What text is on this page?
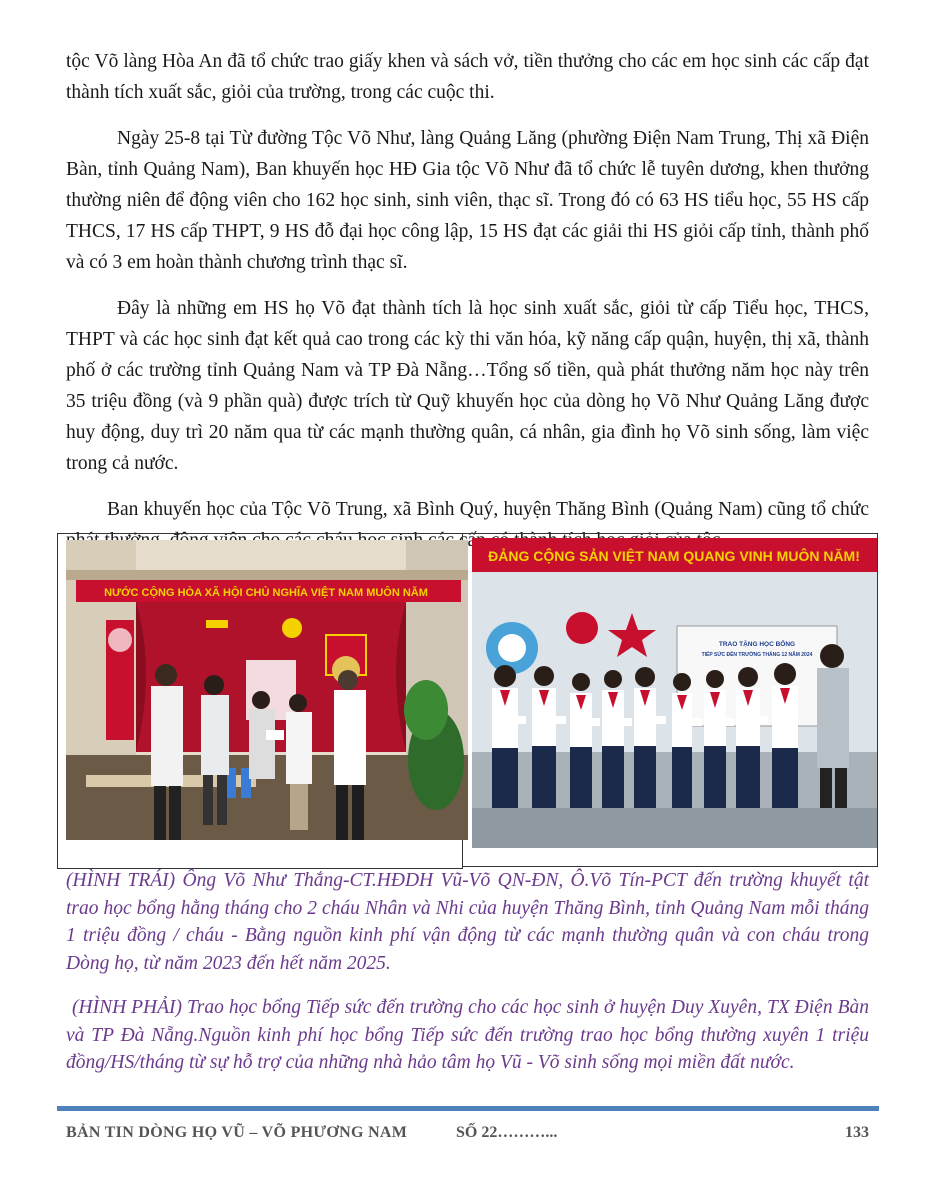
tộc Võ làng Hòa An đã tổ chức trao giấy khen và sách vở, tiền thưởng cho các em học sinh các cấp đạt thành tích xuất sắc, giỏi của trường, trong các cuộc thi.

Ngày 25-8 tại Từ đường Tộc Võ Như, làng Quảng Lăng (phường Điện Nam Trung, Thị xã Điện Bàn, tỉnh Quảng Nam), Ban khuyến học HĐ Gia tộc Võ Như đã tổ chức lễ tuyên dương, khen thưởng thường niên để động viên cho 162 học sinh, sinh viên, thạc sĩ. Trong đó có 63 HS tiểu học, 55 HS cấp THCS, 17 HS cấp THPT, 9 HS đỗ đại học công lập, 15 HS đạt các giải thi HS giỏi cấp tỉnh, thành phố và có 3 em hoàn thành chương trình thạc sĩ.

Đây là những em HS họ Võ đạt thành tích là học sinh xuất sắc, giỏi từ cấp Tiểu học, THCS, THPT và các học sinh đạt kết quả cao trong các kỳ thi văn hóa, kỹ năng cấp quận, huyện, thị xã, thành phố ở các trường tỉnh Quảng Nam và TP Đà Nẵng…Tổng số tiền, quà phát thưởng năm học này trên 35 triệu đồng (và 9 phần quà) được trích từ Quỹ khuyến học của dòng họ Võ Như Quảng Lăng được huy động, duy trì 20 năm qua từ các mạnh thường quân, cá nhân, gia đình họ Võ sinh sống, làm việc trong cả nước.

Ban khuyến học của Tộc Võ Trung, xã Bình Quý, huyện Thăng Bình (Quảng Nam) cũng tổ chức

NƯỚC CỘNG HÒA XÃ HỘI CHỦ NGHĨA VIỆT NAM MUÔN NĂM
ĐẢNG CỘNG SẢN VIỆT NAM QUANG VINH MUÔN NĂM!
TRAO TẶNG HỌC BỔNG
TIẾP SỨC ĐẾN TRƯỜNG THÁNG 12 NĂM 2024
(HÌNH TRÁI) Ông Võ Như Thắng-CT.HĐDH Vũ-Võ QN-ĐN, Ô.Võ Tín-PCT đến trường khuyết tật trao học bổng hằng tháng cho 2 cháu Nhân và Nhi của huyện Thăng Bình, tỉnh Quảng Nam mỗi tháng 1 triệu đồng / cháu - Bằng nguồn kinh phí vận động từ các mạnh thường quân và con cháu trong Dòng họ, từ năm 2023 đến hết năm 2025.
(HÌNH PHẢI) Trao học bổng Tiếp sức đến trường cho các học sinh ở huyện Duy Xuyên, TX Điện Bàn và TP Đà Nẵng.Nguồn kinh phí học bổng Tiếp sức đến trường trao học bổng thường xuyên 1 triệu đồng/HS/tháng từ sự hỗ trợ của những nhà hảo tâm họ Vũ - Võ sinh sống mọi miền đất nước.
BẢN TIN DÒNG HỌ VŨ – VÕ PHƯƠNG NAM	SỐ 22………...	133
